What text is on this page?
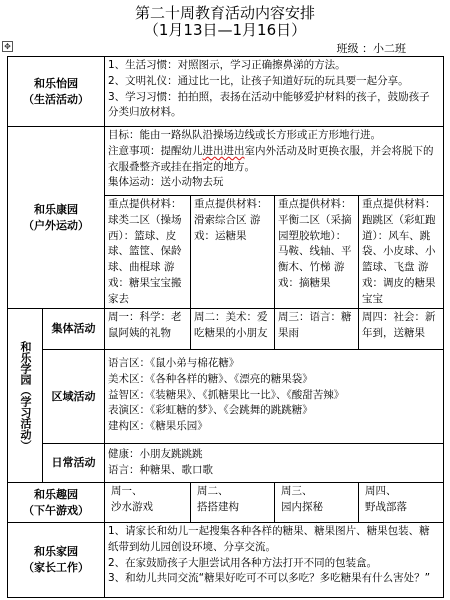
第二十周教育活动内容安排
（1月13日—1月16日）
✥	班级 ：小二班
和乐怡园
（生活活动）

1、生活习惯：对照图示，学习正确擦鼻涕的方法。

2、文明礼仪：通过比一比，让孩子知道好玩的玩具要一起分享。

3、学习习惯：拍拍照，表扬在活动中能够爱护材料的孩子，鼓励孩子分类归放材料。

和乐康园
（户外运动）

目标：能由一路纵队沿操场边线或长方形或正方形地行进。

注意事项：提醒幼儿进出进出室内外活动及时更换衣服，并会将脱下的衣服叠整齐或挂在指定的地方。

集体运动：送小动物去玩

重点提供材料：球类二区（操场西）：篮球、皮球、篮筐、保龄球、曲棍球 游戏：糖果宝宝搬家去
重点提供材料：滑索综合区 游戏：运糖果
重点提供材料：平衡二区（采摘园塑胶软地）：马鞍、线轴、平衡木、竹梯 游戏：摘糖果
重点提供材料：跑跳区（彩虹跑道）：风车、跳袋、小皮球、小篮球、飞盘 游戏：调皮的糖果宝宝
和乐学园（学习活动）
集体活动
周一：科学：老鼠阿姨的礼物
周二：美术：爱吃糖果的小朋友
周三：语言：糖果雨
周四：社会：新年到，送糖果
区域活动

语言区：《鼠小弟与棉花糖》

美术区：《各种各样的糖》、《漂亮的糖果袋》

益智区：《装糖果》、《抓糖果比一比》、《酸甜苦辣》

表演区：《彩虹糖的梦》、《会跳舞的跳跳糖》

建构区：《糖果乐园》

日常活动

健康：小朋友跳跳跳

语言：种糖果、歌口歌

和乐趣园
（下午游戏）

周一、

沙水游戏

周二、

搭搭建构

周三、

园内探秘

周四、

野战部落

和乐家园
（家长工作）

1、请家长和幼儿一起搜集各种各样的糖果、糖果图片、糖果包装、糖纸带到幼儿园创设环境、分享交流。

2、在家鼓励孩子大胆尝试用各种方法打开不同的包装盒。

3、和幼儿共同交流“糖果好吃可不可以多吃？多吃糖果有什么害处？”
